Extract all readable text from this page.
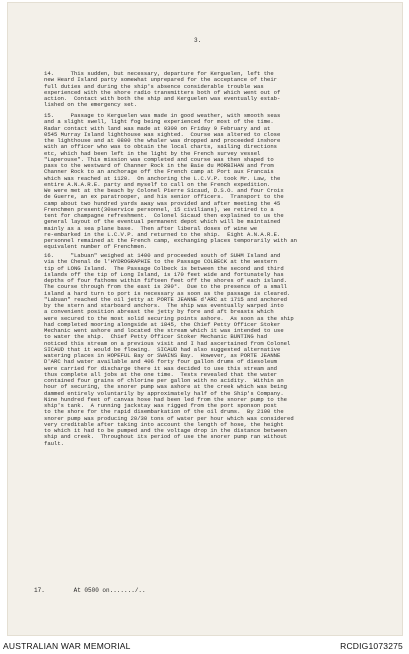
3.
14.     This sudden, but necessary, departure for Kerguelen, left the
new Heard Island party somewhat unprepared for the acceptance of their
full duties and during the ship's absence considerable trouble was
experienced with the shore radio transmitters both of which went out of
action.  Contact with both the ship and Kerguelen was eventually estab-
lished on the emergency set.
15.     Passage to Kerguelen was made in good weather, with smooth seas
and a slight swell, light fog being experienced for most of the time.
Radar contact with land was made at 0300 on Friday 9 February and at
0545 Murray Island lighthouse was sighted.  Course was altered to close
the lighthouse and at 0800 the whaler was dropped and proceeded inshore
with an officer who was to obtain the local charts, sailing directions
etc, which had been left in the light by the French survey vessel
"Laperouse". This mission was completed and course was then shaped to
pass to the westward of Channer Rock in the Baie du MORBIHAN and from
Channer Rock to an anchorage off the French camp at Port aux Francais
which was reached at 1120.  On anchoring the L.C.V.P. took Mr. Law, the
entire A.N.A.R.E. party and myself to call on the French expedition.
We were met at the beach by Colonel Pierre Sicaud, D.S.O. and four Croix
de Guerre, an ex paratrooper, and his senior officers.  Transport to the
camp about two hundred yards away was provided and after meeting the 45
Frenchmen present(30service personnel, 15 civilians), we retired to a
tent for champagne refreshment.  Colonel Sicaud then explained to us the
general layout of the eventual permanent depot which will be maintained
mainly as a sea plane base.  Then after liberal doses of wine we
re-embarked in the L.C.V.P. and returned to the ship.  Eight A.N.A.R.E.
personnel remained at the French camp, exchanging places temporarily with an
equivalent number of Frenchmen.
16.     "Labuan" weighed at 1400 and proceeded south of SUHM Island and
via the Chenal de l'HYDROGRAPHIE to the Passage COLBECK at the western
tip of LONG Island.  The Passage Colbeck is between the second and third
islands off the tip of Long Island, is 170 feet wide and fortunately has
depths of four fathoms within fifteen feet off the shores of each island.
The course through from the east is 290°.  Due to the presence of a small
island a hard turn to port is necessary as soon as the passage is cleared.
"Labuan" reached the oil jetty at PORTE JEANNE d'ARC at 1715 and anchored
by the stern and starboard anchors.  The ship was eventually warped into
a convenient position abreast the jetty by fore and aft breasts which
were secured to the most solid securing points ashore.  As soon as the ship
had completed mooring alongside at 1845, the Chief Petty Officer Stoker
Mechanic went ashore and located the stream which it was intended to use
to water the ship.  Chief Petty Officer Stoker Mechanic BUNTING had
noticed this stream on a previous visit and I had ascertained from Colonel
SICAUD that it would be flowing.  SICAUD had also suggested alternative
watering places in HOPEFUL Bay or SWAINS Bay.  However, as PORTE JEANNE
D'ARC had water available and 406 forty four gallon drums of diesoleum
were carried for discharge there it was decided to use this stream and
thus complete all jobs at the one time.  Tests revealed that the water
contained four grains of chlorine per gallon with no acidity.  Within an
hour of securing, the snorer pump was ashore at the creek which was being
dammed entirely voluntarily by approximately half of the Ship's Company.
Nine hundred feet of canvas hose had been led from the snorer pump to the
ship's tank.  A running jackstay was rigged from the port sponson post
to the shore for the rapid disembarkation of the oil drums.  By 2100 the
snorer pump was producing 20/30 tons of water per hour which was considered
very creditable after taking into account the length of hose, the height
to which it had to be pumped and the voltage drop in the distance between
ship and creek.  Throughout its period of use the snorer pump ran without
fault.
17.        At 0500 on......./..
AUSTRALIAN WAR MEMORIAL	RCDIG1073275
